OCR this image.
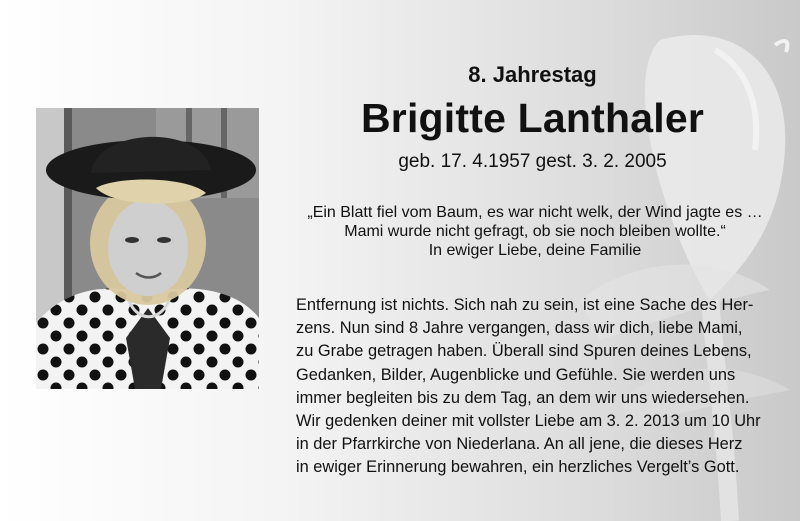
8. Jahrestag
Brigitte Lanthaler
geb. 17. 4.1957 gest. 3. 2. 2005
„Ein Blatt fiel vom Baum, es war nicht welk, der Wind jagte es …
Mami wurde nicht gefragt, ob sie noch bleiben wollte.“
In ewiger Liebe, deine Familie
Entfernung ist nichts. Sich nah zu sein, ist eine Sache des Her-
zens. Nun sind 8 Jahre vergangen, dass wir dich, liebe Mami,
zu Grabe getragen haben. Überall sind Spuren deines Lebens,
Gedanken, Bilder, Augenblicke und Gefühle. Sie werden uns
immer begleiten bis zu dem Tag, an dem wir uns wiedersehen.
Wir gedenken deiner mit vollster Liebe am 3. 2. 2013 um 10 Uhr
in der Pfarrkirche von Niederlana. An all jene, die dieses Herz
in ewiger Erinnerung bewahren, ein herzliches Vergelt’s Gott.
